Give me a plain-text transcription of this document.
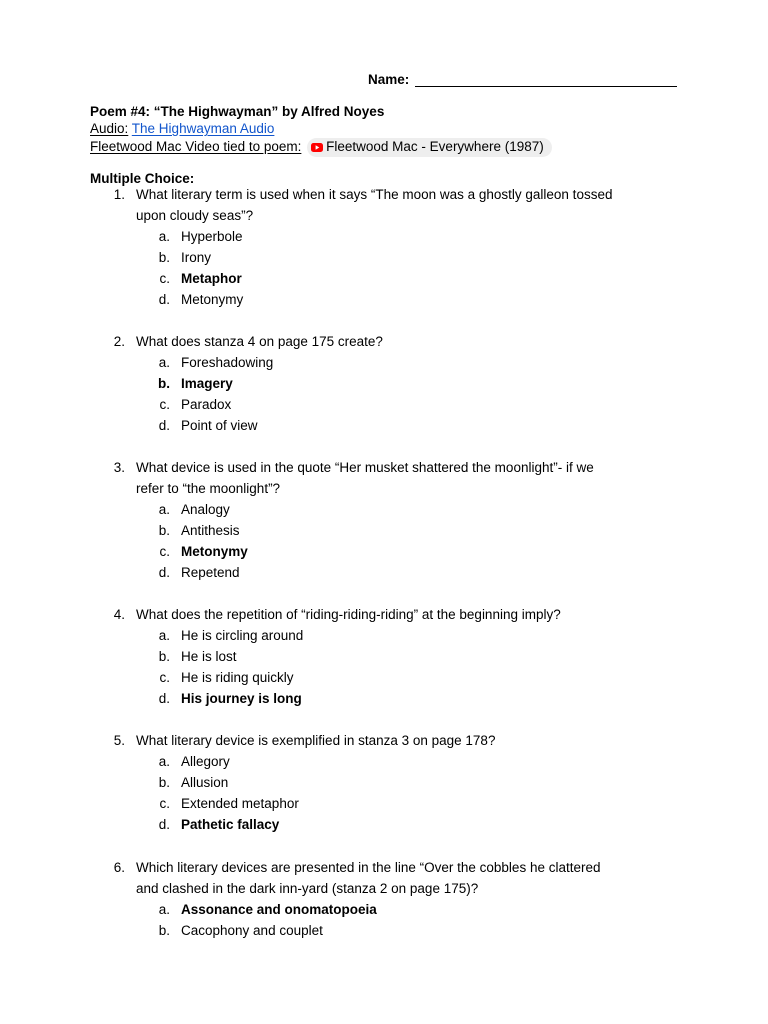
Name:
Poem #4: “The Highwayman” by Alfred Noyes
Audio: The Highwayman Audio
Fleetwood Mac Video tied to poem: Fleetwood Mac - Everywhere (1987)
Multiple Choice:
1. What literary term is used when it says “The moon was a ghostly galleon tossed
upon cloudy seas”?
a. Hyperbole
b. Irony
c. Metaphor
d. Metonymy
2. What does stanza 4 on page 175 create?
a. Foreshadowing
b. Imagery
c. Paradox
d. Point of view
3. What device is used in the quote “Her musket shattered the moonlight”- if we
refer to “the moonlight”?
a. Analogy
b. Antithesis
c. Metonymy
d. Repetend
4. What does the repetition of “riding-riding-riding” at the beginning imply?
a. He is circling around
b. He is lost
c. He is riding quickly
d. His journey is long
5. What literary device is exemplified in stanza 3 on page 178?
a. Allegory
b. Allusion
c. Extended metaphor
d. Pathetic fallacy
6. Which literary devices are presented in the line “Over the cobbles he clattered
and clashed in the dark inn-yard (stanza 2 on page 175)?
a. Assonance and onomatopoeia
b. Cacophony and couplet
